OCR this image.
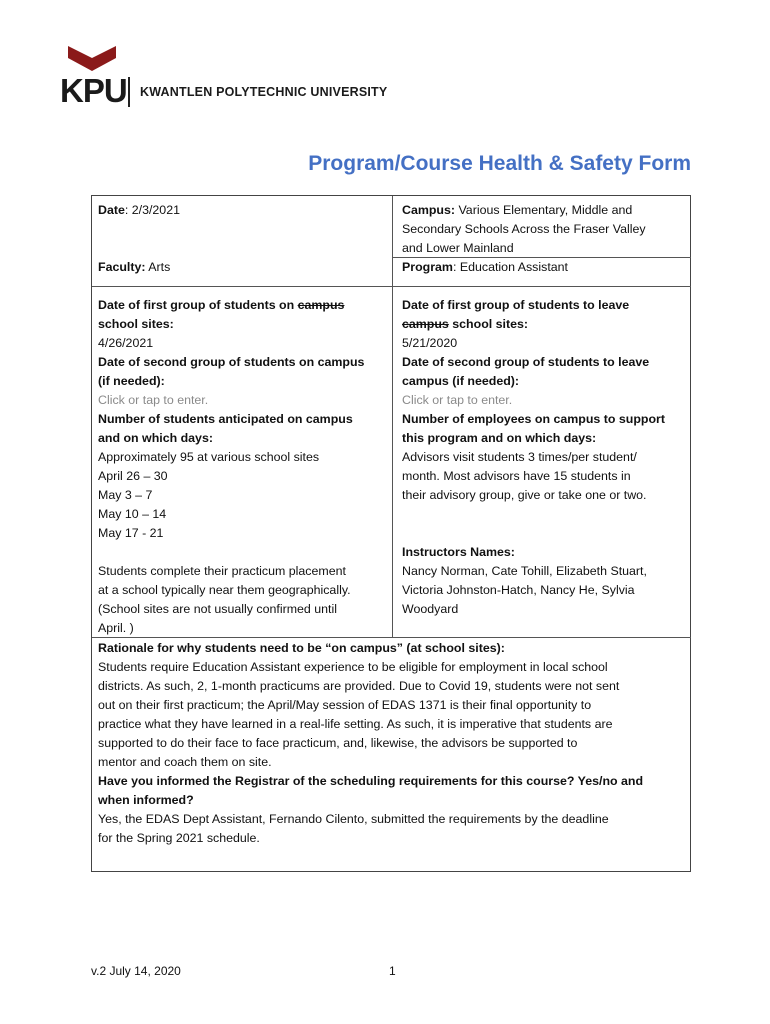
KPU KWANTLEN POLYTECHNIC UNIVERSITY
Program/Course Health & Safety Form
Date: 2/3/2021
Faculty: Arts
Campus: Various Elementary, Middle and
Secondary Schools Across the Fraser Valley
and Lower Mainland
Program: Education Assistant
Date of first group of students on campus
school sites:
4/26/2021
Date of second group of students on campus
(if needed):
Click or tap to enter.
Number of students anticipated on campus
and on which days:
Approximately 95 at various school sites
April 26 – 30
May 3 – 7
May 10 – 14
May 17 - 21

Students complete their practicum placement
at a school typically near them geographically.
(School sites are not usually confirmed until
April. )
Date of first group of students to leave
campus school sites:
5/21/2020
Date of second group of students to leave
campus (if needed):
Click or tap to enter.
Number of employees on campus to support
this program and on which days:
Advisors visit students 3 times/per student/
month. Most advisors have 15 students in
their advisory group, give or take one or two.

Instructors Names:
Nancy Norman, Cate Tohill, Elizabeth Stuart,
Victoria Johnston-Hatch, Nancy He, Sylvia
Woodyard
Rationale for why students need to be “on campus” (at school sites):
Students require Education Assistant experience to be eligible for employment in local school
districts. As such, 2, 1-month practicums are provided. Due to Covid 19, students were not sent
out on their first practicum; the April/May session of EDAS 1371 is their final opportunity to
practice what they have learned in a real-life setting. As such, it is imperative that students are
supported to do their face to face practicum, and, likewise, the advisors be supported to
mentor and coach them on site.
Have you informed the Registrar of the scheduling requirements for this course? Yes/no and
when informed?
Yes, the EDAS Dept Assistant, Fernando Cilento, submitted the requirements by the deadline
for the Spring 2021 schedule.
v.2 July 14, 2020	1
